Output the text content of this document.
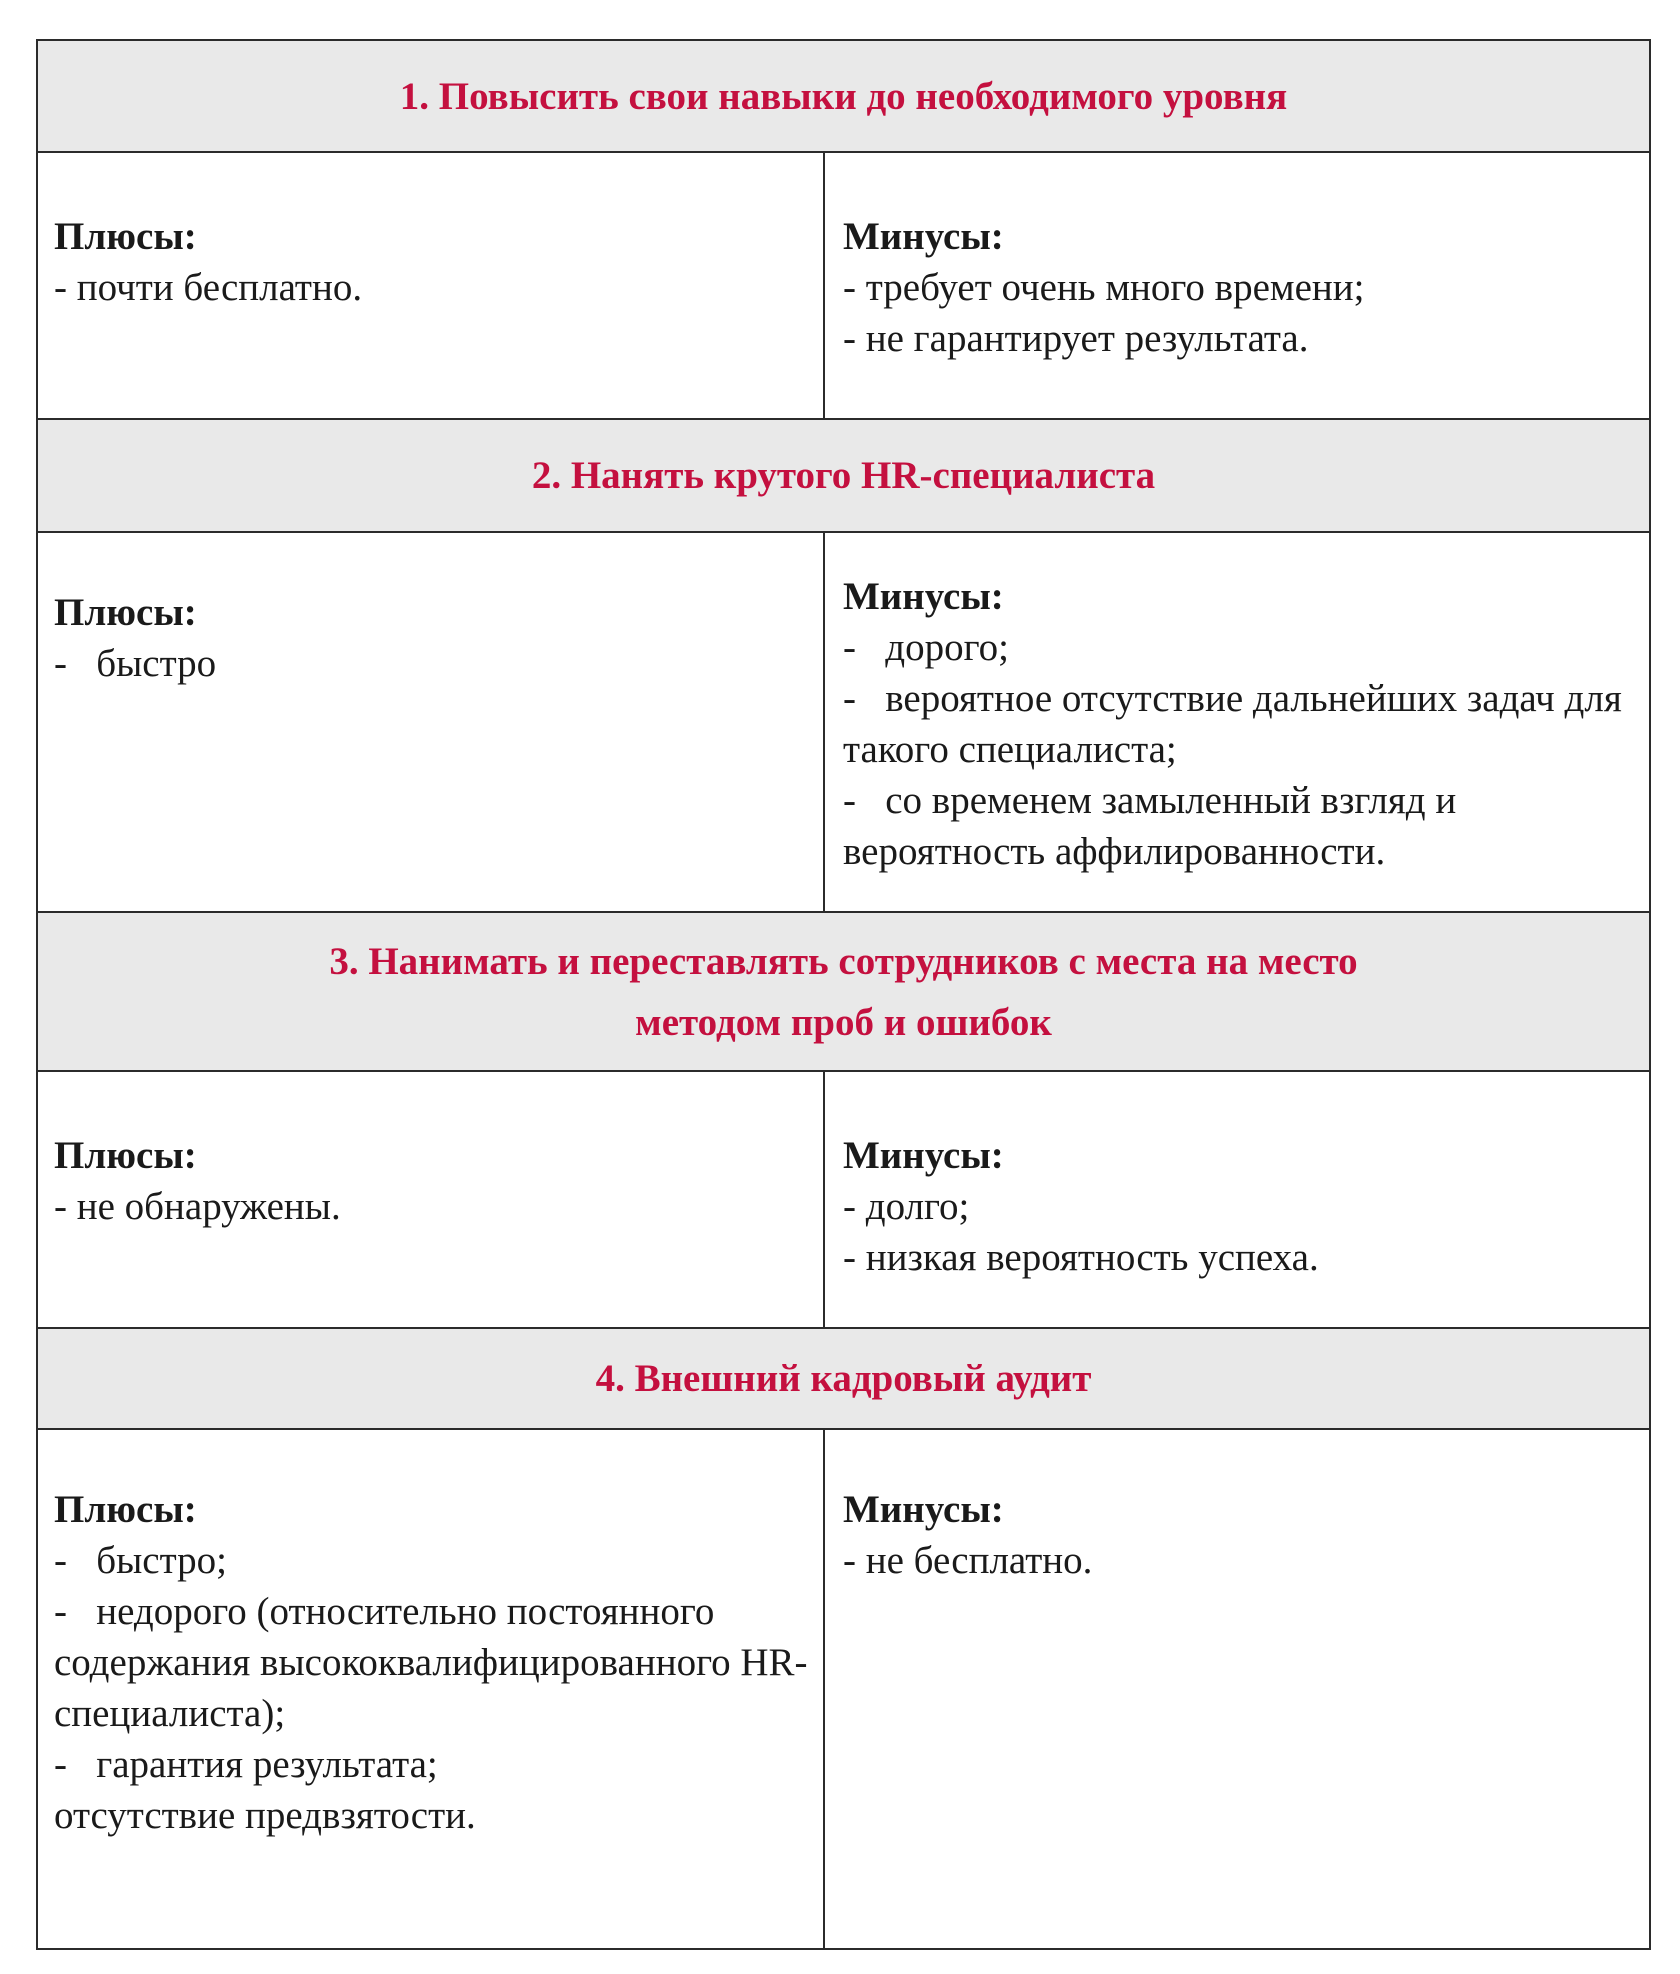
1. Повысить свои навыки до необходимого уровня
Плюсы:
- почти бесплатно.
Минусы:
- требует очень много времени;
- не гарантирует результата.
2. Нанять крутого HR-специалиста
Плюсы:
-   быстро
Минусы:
-   дорого;
-   вероятное отсутствие дальнейших задач для такого специалиста;
-   со временем замыленный взгляд и вероятность аффилированности.
3. Нанимать и переставлять сотрудников с места на место
методом проб и ошибок
Плюсы:
- не обнаружены.
Минусы:
- долго;
- низкая вероятность успеха.
4. Внешний кадровый аудит
Плюсы:
-   быстро;
-   недорого (относительно постоянного содержания высококвалифицированного HR-специалиста);
-   гарантия результата;
отсутствие предвзятости.
Минусы:
- не бесплатно.
